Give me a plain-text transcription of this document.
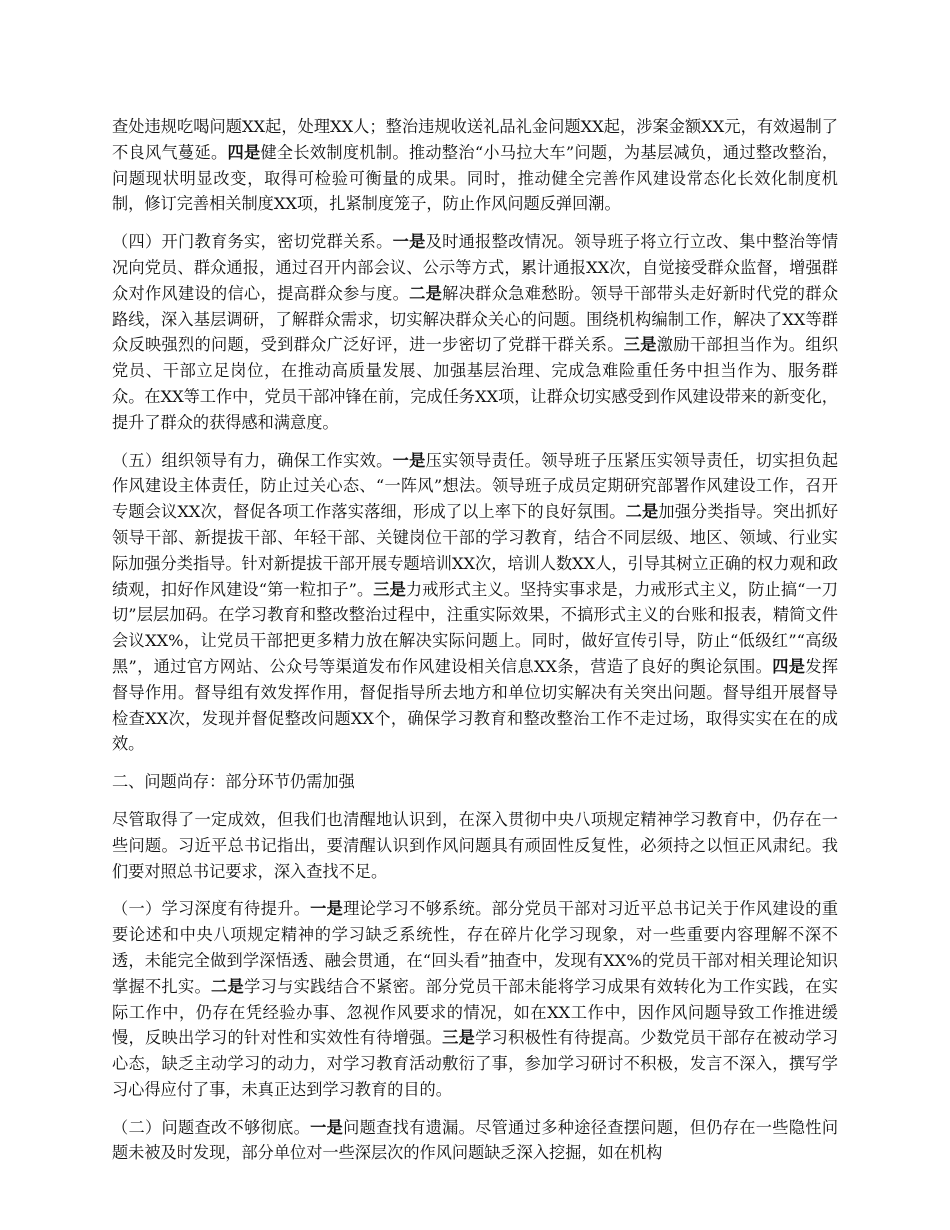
查处违规吃喝问题XX起，处理XX人；整治违规收送礼品礼金问题XX起，涉案金额XX元，有效遏制了不良风气蔓延。四是健全长效制度机制。推动整治“小马拉大车”问题，为基层减负，通过整改整治，问题现状明显改变，取得可检验可衡量的成果。同时，推动健全完善作风建设常态化长效化制度机制，修订完善相关制度XX项，扎紧制度笼子，防止作风问题反弹回潮。

（四）开门教育务实，密切党群关系。一是及时通报整改情况。领导班子将立行立改、集中整治等情况向党员、群众通报，通过召开内部会议、公示等方式，累计通报XX次，自觉接受群众监督，增强群众对作风建设的信心，提高群众参与度。二是解决群众急难愁盼。领导干部带头走好新时代党的群众路线，深入基层调研，了解群众需求，切实解决群众关心的问题。围绕机构编制工作，解决了XX等群众反映强烈的问题，受到群众广泛好评，进一步密切了党群干群关系。三是激励干部担当作为。组织党员、干部立足岗位，在推动高质量发展、加强基层治理、完成急难险重任务中担当作为、服务群众。在XX等工作中，党员干部冲锋在前，完成任务XX项，让群众切实感受到作风建设带来的新变化，提升了群众的获得感和满意度。

（五）组织领导有力，确保工作实效。一是压实领导责任。领导班子压紧压实领导责任，切实担负起作风建设主体责任，防止过关心态、“一阵风”想法。领导班子成员定期研究部署作风建设工作，召开专题会议XX次，督促各项工作落实落细，形成了以上率下的良好氛围。二是加强分类指导。突出抓好领导干部、新提拔干部、年轻干部、关键岗位干部的学习教育，结合不同层级、地区、领域、行业实际加强分类指导。针对新提拔干部开展专题培训XX次，培训人数XX人，引导其树立正确的权力观和政绩观，扣好作风建设“第一粒扣子”。三是力戒形式主义。坚持实事求是，力戒形式主义，防止搞“一刀切”层层加码。在学习教育和整改整治过程中，注重实际效果，不搞形式主义的台账和报表，精简文件会议XX%，让党员干部把更多精力放在解决实际问题上。同时，做好宣传引导，防止“低级红”“高级黑”，通过官方网站、公众号等渠道发布作风建设相关信息XX条，营造了良好的舆论氛围。四是发挥督导作用。督导组有效发挥作用，督促指导所去地方和单位切实解决有关突出问题。督导组开展督导检查XX次，发现并督促整改问题XX个，确保学习教育和整改整治工作不走过场，取得实实在在的成效。

二、问题尚存：部分环节仍需加强

尽管取得了一定成效，但我们也清醒地认识到，在深入贯彻中央八项规定精神学习教育中，仍存在一些问题。习近平总书记指出，要清醒认识到作风问题具有顽固性反复性，必须持之以恒正风肃纪。我们要对照总书记要求，深入查找不足。

（一）学习深度有待提升。一是理论学习不够系统。部分党员干部对习近平总书记关于作风建设的重要论述和中央八项规定精神的学习缺乏系统性，存在碎片化学习现象，对一些重要内容理解不深不透，未能完全做到学深悟透、融会贯通，在“回头看”抽查中，发现有XX%的党员干部对相关理论知识掌握不扎实。二是学习与实践结合不紧密。部分党员干部未能将学习成果有效转化为工作实践，在实际工作中，仍存在凭经验办事、忽视作风要求的情况，如在XX工作中，因作风问题导致工作推进缓慢，反映出学习的针对性和实效性有待增强。三是学习积极性有待提高。少数党员干部存在被动学习心态，缺乏主动学习的动力，对学习教育活动敷衍了事，参加学习研讨不积极，发言不深入，撰写学习心得应付了事，未真正达到学习教育的目的。

（二）问题查改不够彻底。一是问题查找有遗漏。尽管通过多种途径查摆问题，但仍存在一些隐性问题未被及时发现，部分单位对一些深层次的作风问题缺乏深入挖掘，如在机构
